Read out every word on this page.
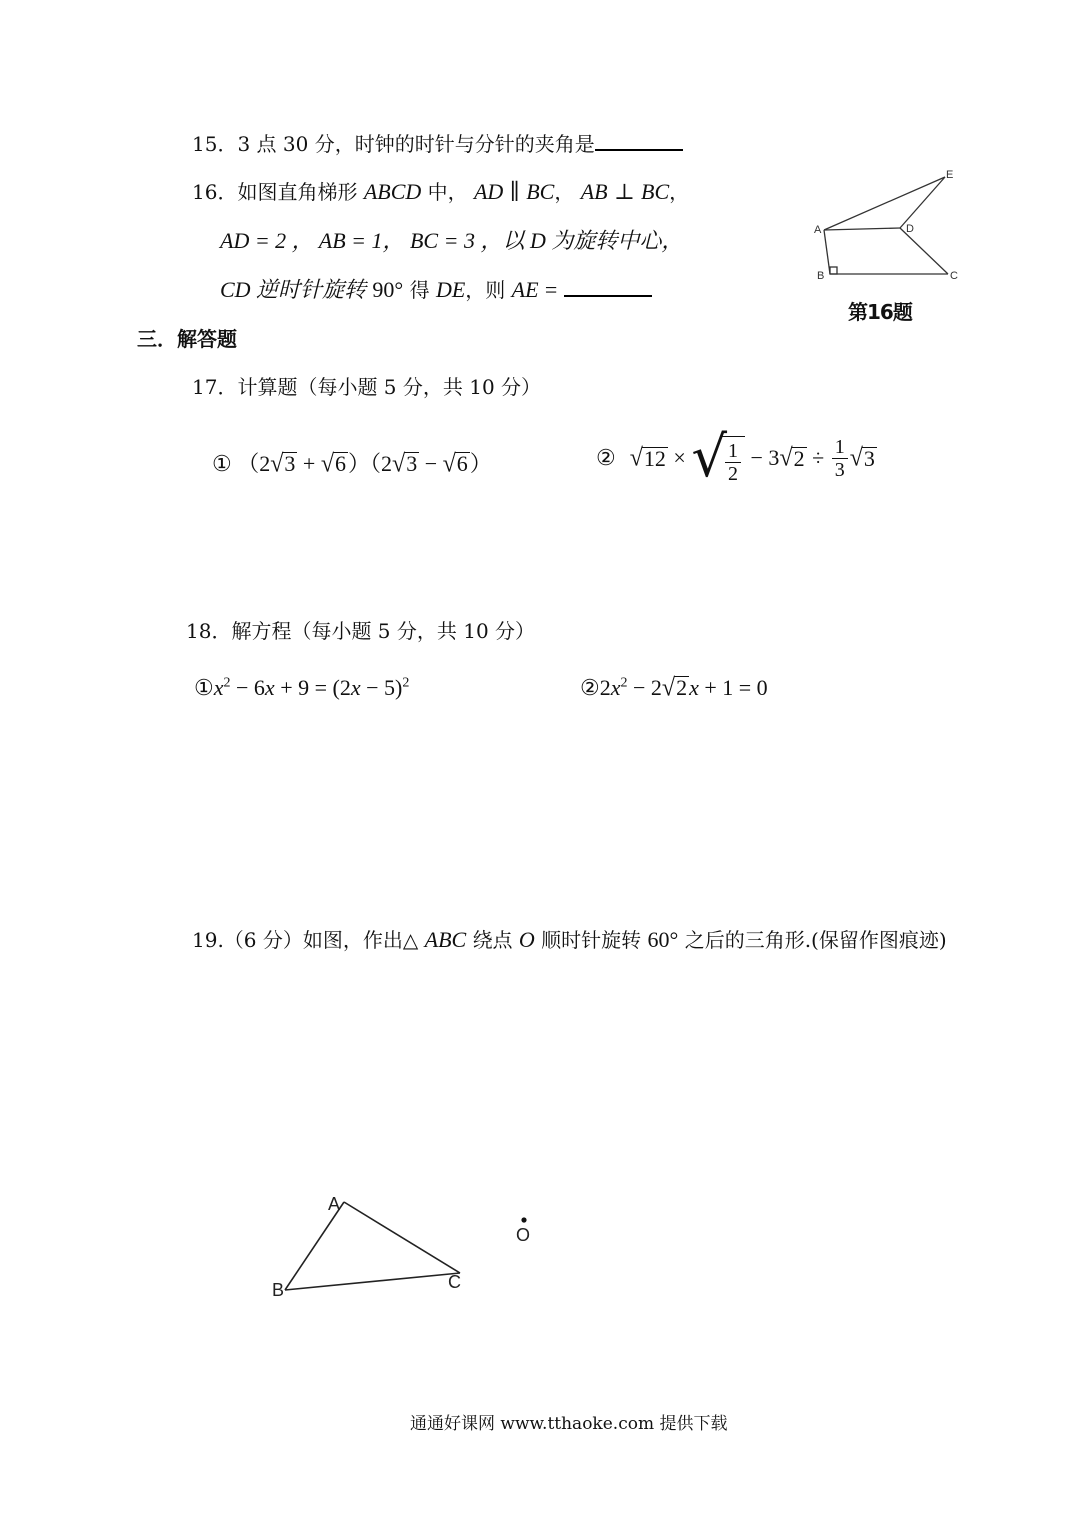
15．3 点 30 分，时钟的时针与分针的夹角是
16．如图直角梯形 ABCD 中， AD ∥ BC， AB ⊥ BC，
AD = 2 ， AB = 1， BC = 3 ，以 D 为旋转中心，
CD 逆时针旋转 90° 得 DE，则 AE =
A
B	C
D
E
第16题
三．解答题
17．计算题（每小题 5 分，共 10 分）
① （2√3 + √6）（2√3 − √6）	② √ 12 × √
$\frac{1}{2} - 3$ √ $2 \div \frac{1}{3}$ √ 3
18．解方程（每小题 5 分，共 10 分）
$①x^2 - 6x + 9 = (2x - 5)^2$	$②2x^2 - 2√2x + 1 = 0$
19.（6 分）如图，作出△ ABC 绕点 O 顺时针旋转 60° 之后的三角形.(保留作图痕迹)
A
B	C
O
通通好课网 www.tthaoke.com 提供下载
